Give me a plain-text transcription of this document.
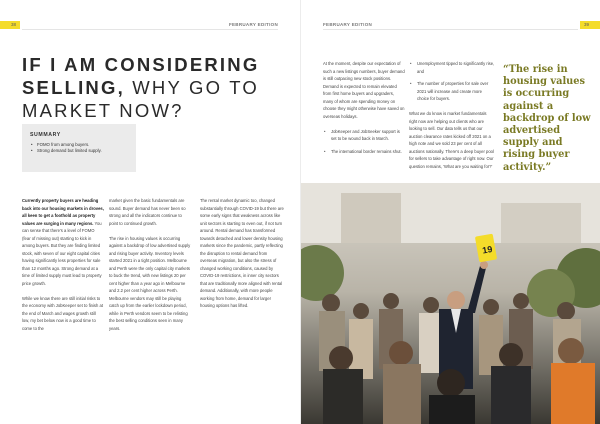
38	FEBRUARY EDITION
IF I AM CONSIDERING
SELLING, WHY GO TO
MARKET NOW?
SUMMARY
• FOMO from among buyers.
• Strong demand but limited supply.

Currently property buyers are heading back into our housing markets in droves, all keen to get a foothold as property values are surging in many regions. You can sense that there's a level of FOMO (fear of missing out) starting to kick in among buyers. But they are finding limited stock, with seven of our eight capital cities having significantly less properties for sale than 12 months ago. Strong demand at a time of limited supply must lead to property price growth.

While we know there are still initial risks to the economy with JobKeeper set to finish at the end of March and wages growth still low, my bet below now is a good time to come to the

market given the basic fundamentals are sound. Buyer demand has never been so strong and all the indicators continue to point to continued growth.

The rise in housing values is occurring against a backdrop of low advertised supply and rising buyer activity. Inventory levels started 2021 in a tight position. Melbourne and Perth were the only capital city markets to buck the trend, with new listings 20 per cent higher than a year ago in Melbourne and 2.2 per cent higher across Perth. Melbourne vendors may still be playing catch up from the earlier lockdown period, while in Perth vendors seem to be relisting the best selling conditions seen in many years.

The rental market dynamic too, changed substantially through COVID-19 but there are some early signs that weakness across like unit sectors is starting to even out, if not turn around. Rental demand has transformed towards detached and lower density housing markets since the pandemic, partly reflecting the disruption to rental demand from overseas migration, but also the stress of changed working conditions, caused by COVID-19 restrictions, in inner city sectors that are traditionally more aligned with rental demand. Additionally, with more people working from home, demand for larger housing options has lifted.

39
FEBRUARY EDITION

At the moment, despite our expectation of such a new listings numbers, buyer demand is still outpacing new stock positions. Demand is expected to remain elevated from first home buyers and upgraders, many of whom are spending money on choose they might otherwise have saved on overseas holidays.

• JobKeeper and JobSeeker support is set to be wound back in March.
• The international border remains shut.
• Unemployment tipped to significantly rise, and
• The number of properties for sale over 2021 will increase and create more choice for buyers.

What we do know is market fundamentals right now are helping out clients who are looking to sell. Our data tells us that our auction clearance rates kicked off 2021 on a high note and we sold 23 per cent of all auctions nationally. There's a deep buyer pool for sellers to take advantage of right now. Our question remains, 'What are you waiting for?'

“The rise in housing values is occurring against a backdrop of low advertised supply and rising buyer activity.”
19
